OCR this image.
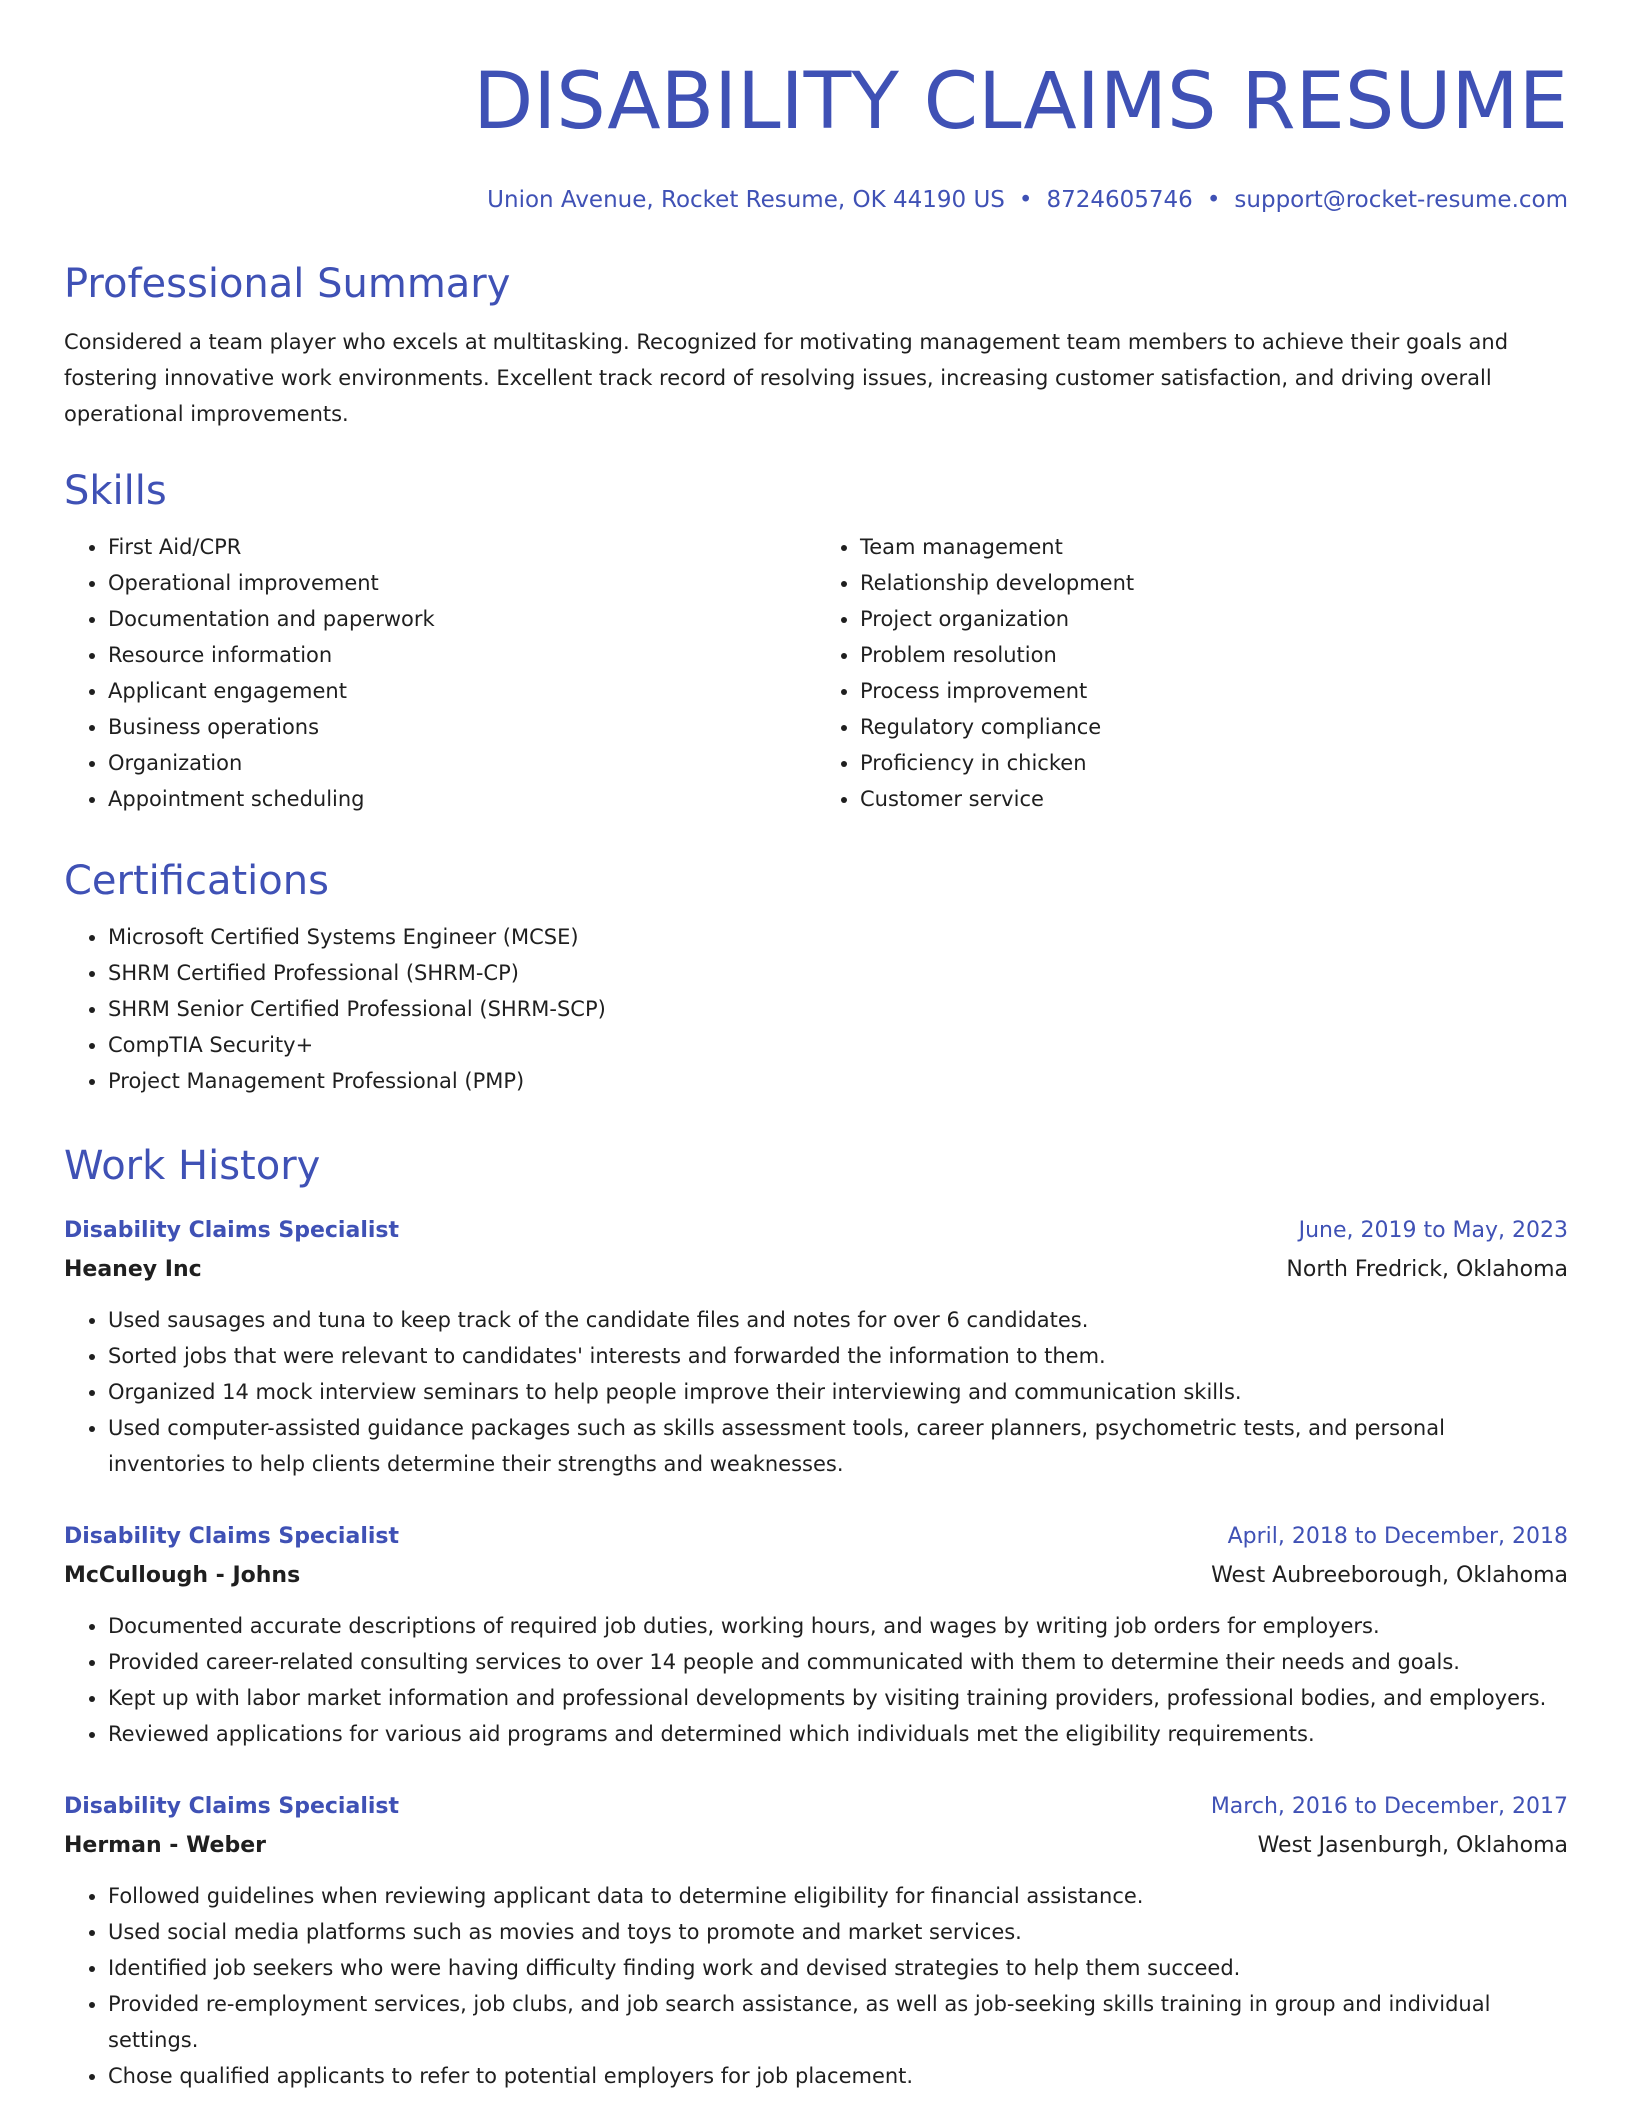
DISABILITY CLAIMS RESUME
Union Avenue, Rocket Resume, OK 44190 US • 8724605746 • support@rocket-resume.com
Professional Summary

Considered a team player who excels at multitasking. Recognized for motivating management team members to achieve their goals and fostering innovative work environments. Excellent track record of resolving issues, increasing customer satisfaction, and driving overall operational improvements.

Skills
• First Aid/CPR
• Operational improvement
• Documentation and paperwork
• Resource information
• Applicant engagement
• Business operations
• Organization
• Appointment scheduling
• Team management
• Relationship development
• Project organization
• Problem resolution
• Process improvement
• Regulatory compliance
• Proficiency in chicken
• Customer service
Certifications
• Microsoft Certified Systems Engineer (MCSE)
• SHRM Certified Professional (SHRM-CP)
• SHRM Senior Certified Professional (SHRM-SCP)
• CompTIA Security+
• Project Management Professional (PMP)
Work History
Disability Claims Specialist	June, 2019 to May, 2023
Heaney Inc	North Fredrick, Oklahoma
• Used sausages and tuna to keep track of the candidate files and notes for over 6 candidates.
• Sorted jobs that were relevant to candidates' interests and forwarded the information to them.
• Organized 14 mock interview seminars to help people improve their interviewing and communication skills.
• Used computer-assisted guidance packages such as skills assessment tools, career planners, psychometric tests, and personal inventories to help clients determine their strengths and weaknesses.
Disability Claims Specialist	April, 2018 to December, 2018
McCullough - Johns	West Aubreeborough, Oklahoma
• Documented accurate descriptions of required job duties, working hours, and wages by writing job orders for employers.
• Provided career-related consulting services to over 14 people and communicated with them to determine their needs and goals.
• Kept up with labor market information and professional developments by visiting training providers, professional bodies, and employers.
• Reviewed applications for various aid programs and determined which individuals met the eligibility requirements.
Disability Claims Specialist	March, 2016 to December, 2017
Herman - Weber	West Jasenburgh, Oklahoma
• Followed guidelines when reviewing applicant data to determine eligibility for financial assistance.
• Used social media platforms such as movies and toys to promote and market services.
• Identified job seekers who were having difficulty finding work and devised strategies to help them succeed.
• Provided re-employment services, job clubs, and job search assistance, as well as job-seeking skills training in group and individual settings.
• Chose qualified applicants to refer to potential employers for job placement.
